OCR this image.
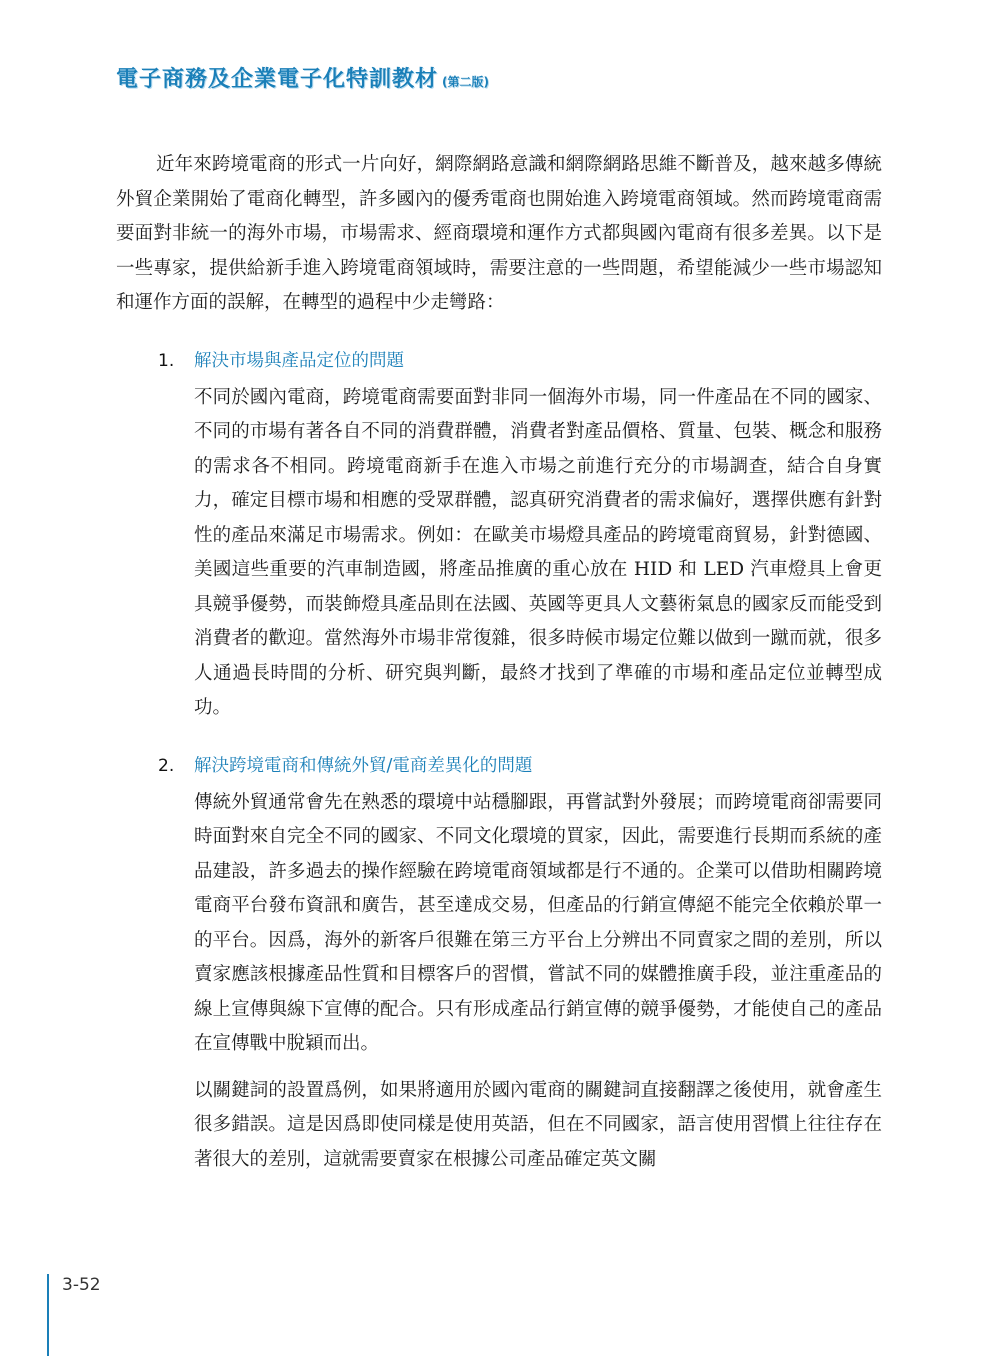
電子商務及企業電子化特訓教材 (第二版)

近年來跨境電商的形式一片向好，網際網路意識和網際網路思維不斷普及，越來越多傳統外貿企業開始了電商化轉型，許多國內的優秀電商也開始進入跨境電商領域。然而跨境電商需要面對非統一的海外市場，市場需求、經商環境和運作方式都與國內電商有很多差異。以下是一些專家，提供給新手進入跨境電商領域時，需要注意的一些問題，希望能減少一些市場認知和運作方面的誤解，在轉型的過程中少走彎路：

1.	解決市場與產品定位的問題

不同於國內電商，跨境電商需要面對非同一個海外市場，同一件產品在不同的國家、不同的市場有著各自不同的消費群體，消費者對產品價格、質量、包裝、概念和服務的需求各不相同。跨境電商新手在進入市場之前進行充分的市場調查，結合自身實力，確定目標市場和相應的受眾群體，認真研究消費者的需求偏好，選擇供應有針對性的產品來滿足市場需求。例如：在歐美市場燈具產品的跨境電商貿易，針對德國、美國這些重要的汽車制造國，將產品推廣的重心放在 HID 和 LED 汽車燈具上會更具競爭優勢，而裝飾燈具產品則在法國、英國等更具人文藝術氣息的國家反而能受到消費者的歡迎。當然海外市場非常復雜，很多時候市場定位難以做到一蹴而就，很多人通過長時間的分析、研究與判斷，最終才找到了準確的市場和產品定位並轉型成功。

2.	解決跨境電商和傳統外貿/電商差異化的問題

傳統外貿通常會先在熟悉的環境中站穩腳跟，再嘗試對外發展；而跨境電商卻需要同時面對來自完全不同的國家、不同文化環境的買家，因此，需要進行長期而系統的產品建設，許多過去的操作經驗在跨境電商領域都是行不通的。企業可以借助相關跨境電商平台發布資訊和廣告，甚至達成交易，但產品的行銷宣傳絕不能完全依賴於單一的平台。因爲，海外的新客戶很難在第三方平台上分辨出不同賣家之間的差別，所以賣家應該根據產品性質和目標客戶的習慣，嘗試不同的媒體推廣手段，並注重產品的線上宣傳與線下宣傳的配合。只有形成產品行銷宣傳的競爭優勢，才能使自己的產品在宣傳戰中脫穎而出。

以關鍵詞的設置爲例，如果將適用於國內電商的關鍵詞直接翻譯之後使用，就會產生很多錯誤。這是因爲即使同樣是使用英語，但在不同國家，語言使用習慣上往往存在著很大的差別，這就需要賣家在根據公司產品確定英文關

3-52
